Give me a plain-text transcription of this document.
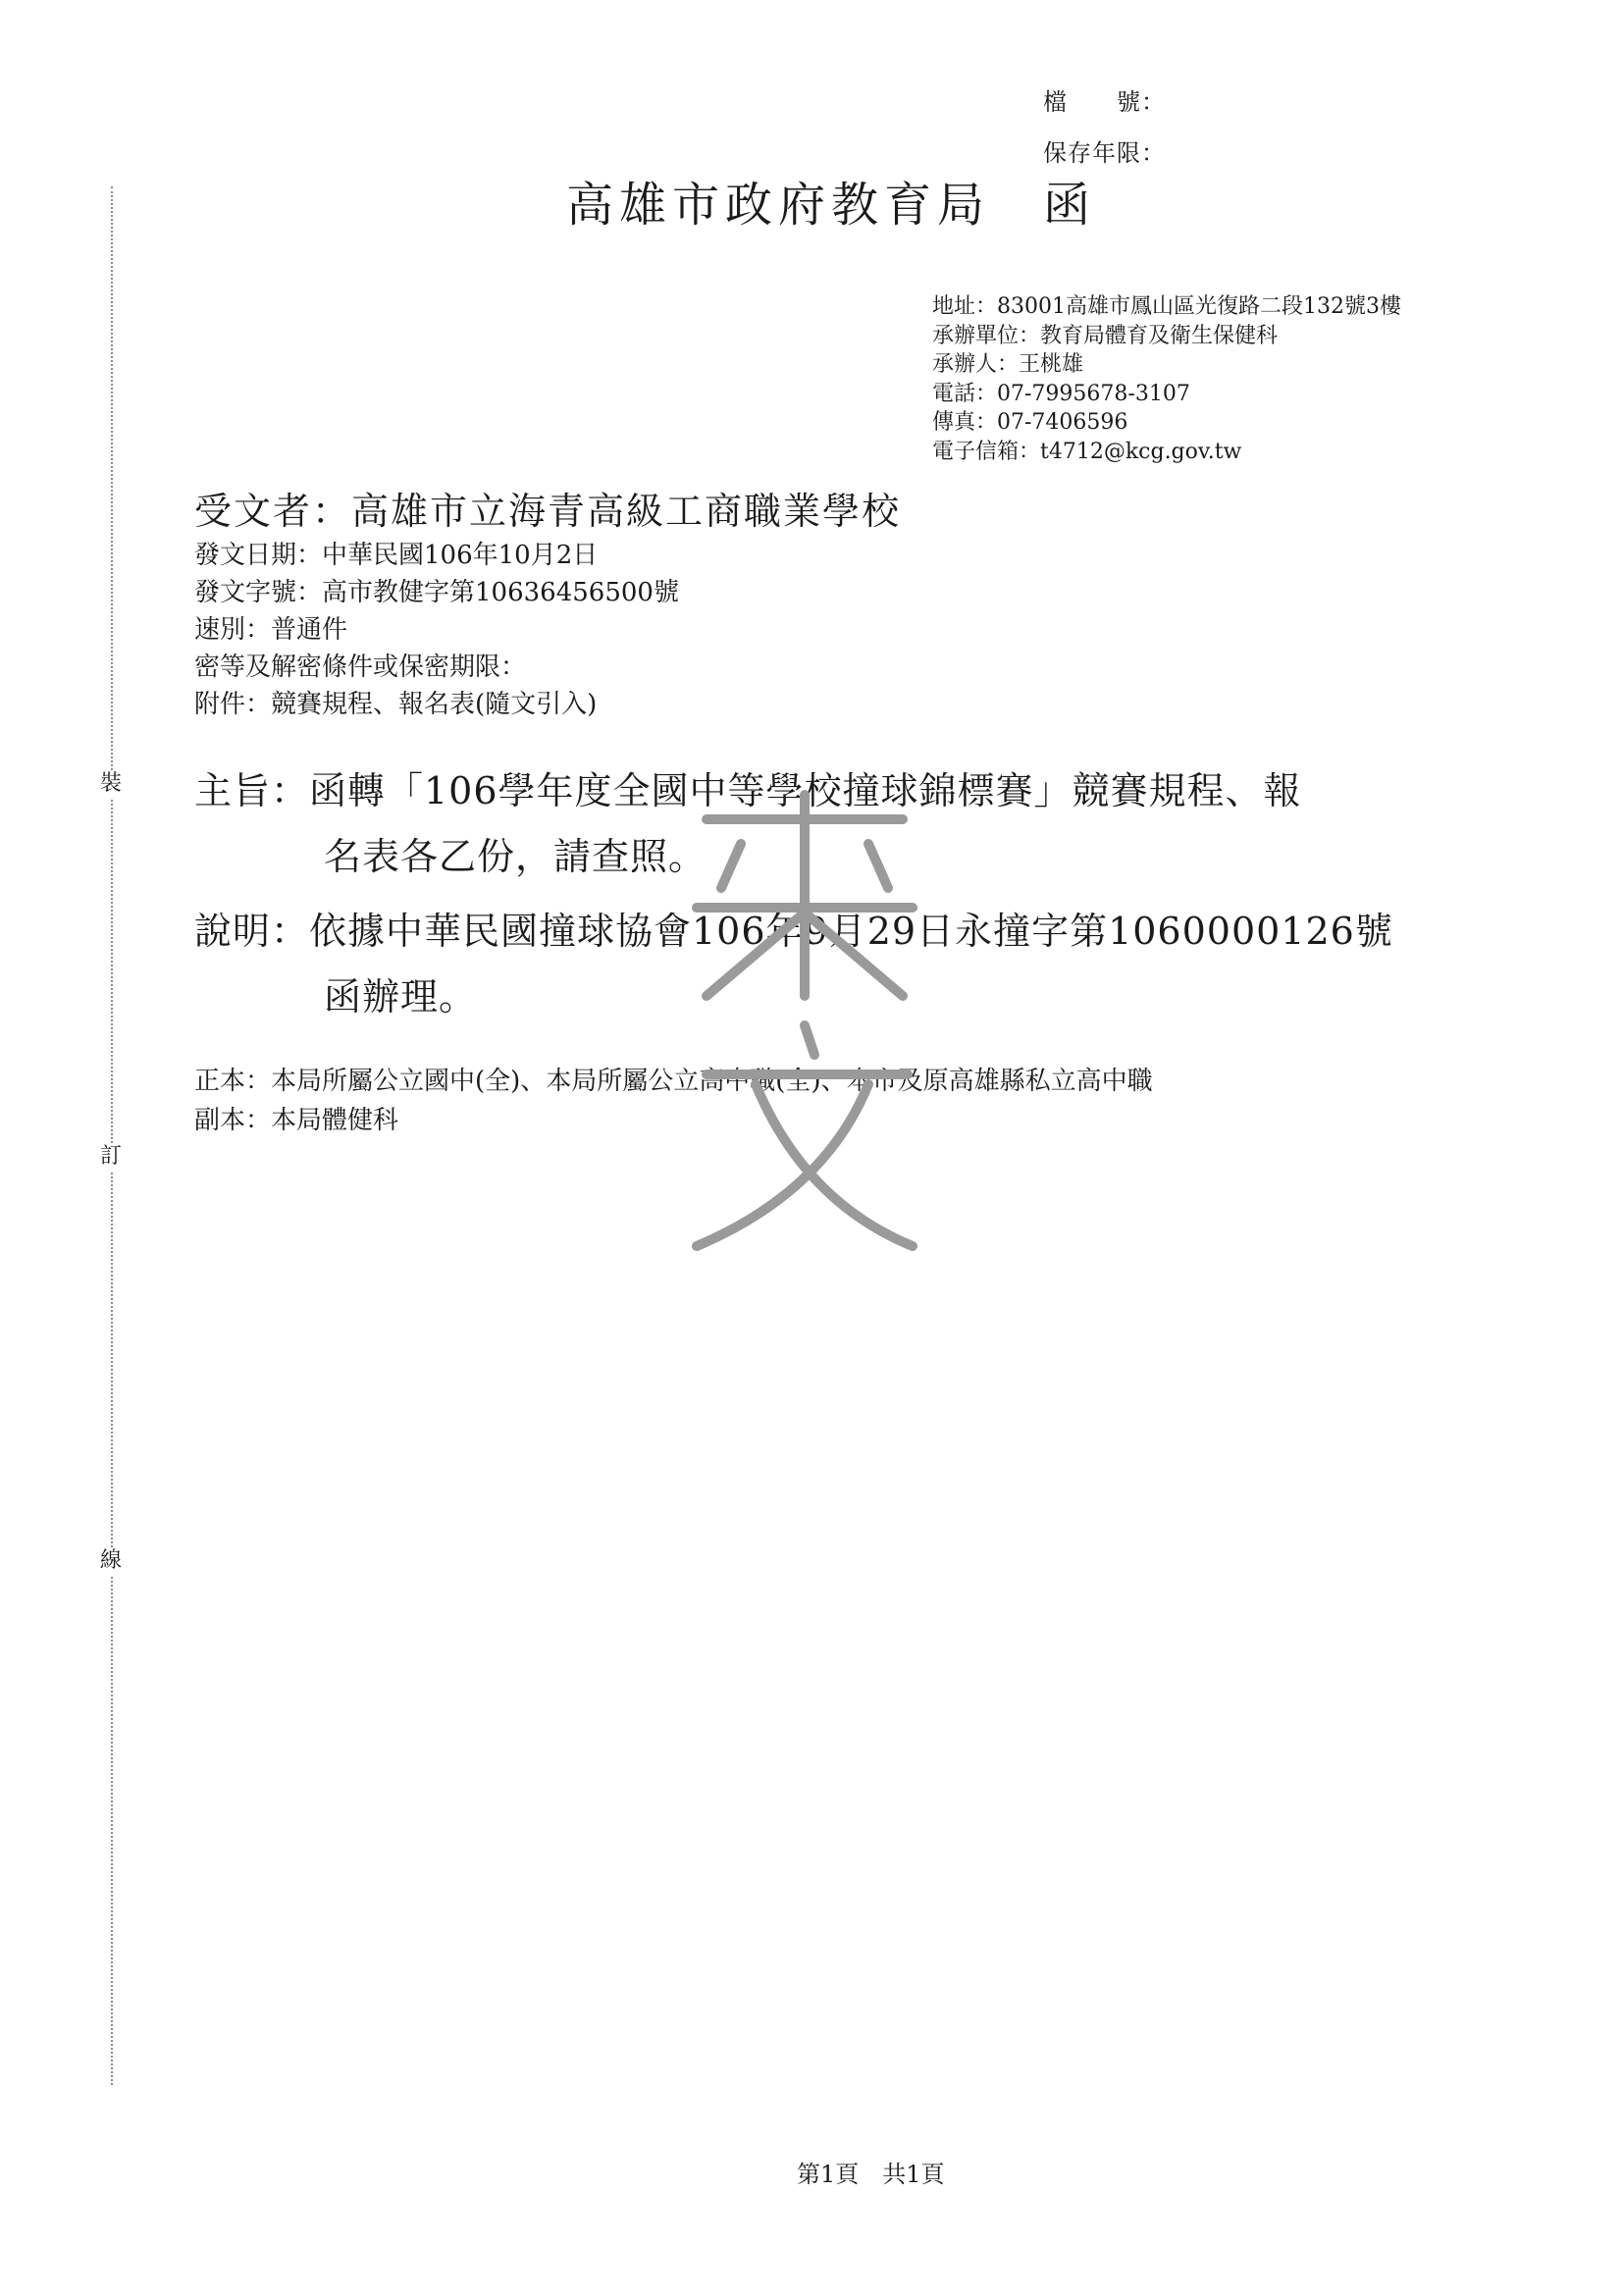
裝
訂
線
檔　　號：
保存年限：
高雄市政府教育局　函
地址：83001高雄市鳳山區光復路二段132號3樓
承辦單位：教育局體育及衛生保健科
承辦人：王桃雄
電話：07-7995678-3107
傳真：07-7406596
電子信箱：t4712@kcg.gov.tw
受文者：高雄市立海青高級工商職業學校
發文日期：中華民國106年10月2日
發文字號：高市教健字第10636456500號
速別：普通件
密等及解密條件或保密期限：
附件：競賽規程、報名表(隨文引入)
主旨：函轉「106學年度全國中等學校撞球錦標賽」競賽規程、報
名表各乙份，請查照。
說明：依據中華民國撞球協會106年9月29日永撞字第1060000126號
函辦理。
正本：本局所屬公立國中(全)、本局所屬公立高中職(全)、本市及原高雄縣私立高中職
副本：本局體健科
第1頁　共1頁
